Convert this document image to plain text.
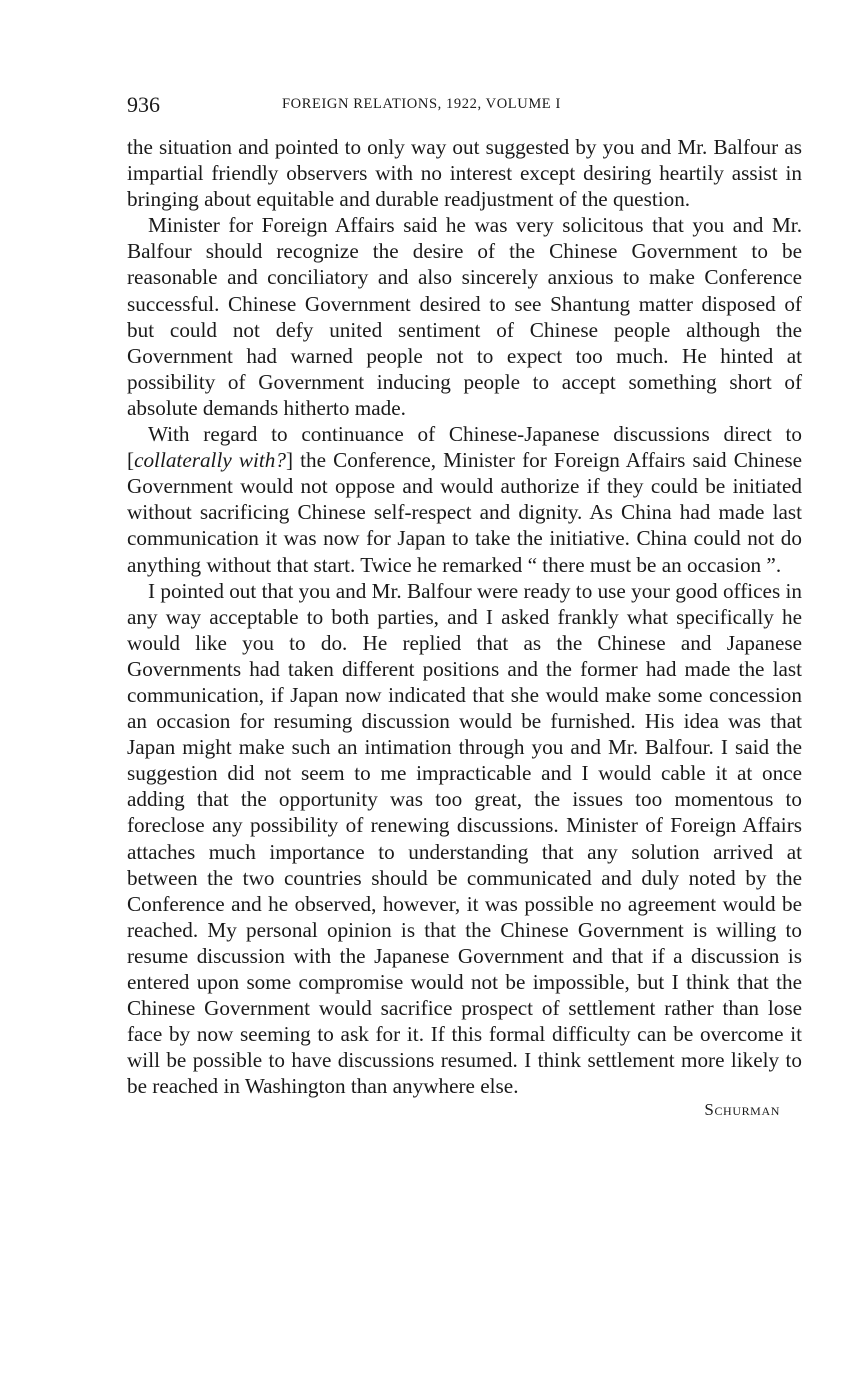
936	FOREIGN RELATIONS, 1922, VOLUME I

the situation and pointed to only way out suggested by you and Mr. Balfour as impartial friendly observers with no interest except desiring heartily assist in bringing about equitable and durable readjustment of the question.

Minister for Foreign Affairs said he was very solicitous that you and Mr. Balfour should recognize the desire of the Chinese Government to be reasonable and conciliatory and also sincerely anxious to make Conference successful. Chinese Government desired to see Shantung matter disposed of but could not defy united sentiment of Chinese people although the Government had warned people not to expect too much. He hinted at possibility of Government inducing people to accept something short of absolute demands hitherto made.

With regard to continuance of Chinese-Japanese discussions direct to [collaterally with?] the Conference, Minister for Foreign Affairs said Chinese Government would not oppose and would authorize if they could be initiated without sacrificing Chinese self-respect and dignity. As China had made last communication it was now for Japan to take the initiative. China could not do anything without that start. Twice he remarked “ there must be an occasion ”.

I pointed out that you and Mr. Balfour were ready to use your good offices in any way acceptable to both parties, and I asked frankly what specifically he would like you to do. He replied that as the Chinese and Japanese Governments had taken different positions and the former had made the last communication, if Japan now indicated that she would make some concession an occasion for resuming discussion would be furnished. His idea was that Japan might make such an intimation through you and Mr. Balfour. I said the suggestion did not seem to me impracticable and I would cable it at once adding that the opportunity was too great, the issues too momentous to foreclose any possibility of renewing discussions. Minister of Foreign Affairs attaches much importance to understanding that any solution arrived at between the two countries should be communicated and duly noted by the Conference and he observed, however, it was possible no agreement would be reached. My personal opinion is that the Chinese Government is willing to resume discussion with the Japanese Government and that if a discussion is entered upon some compromise would not be impossible, but I think that the Chinese Government would sacrifice prospect of settlement rather than lose face by now seeming to ask for it. If this formal difficulty can be overcome it will be possible to have discussions resumed. I think settlement more likely to be reached in Washington than anywhere else.

Schurman
